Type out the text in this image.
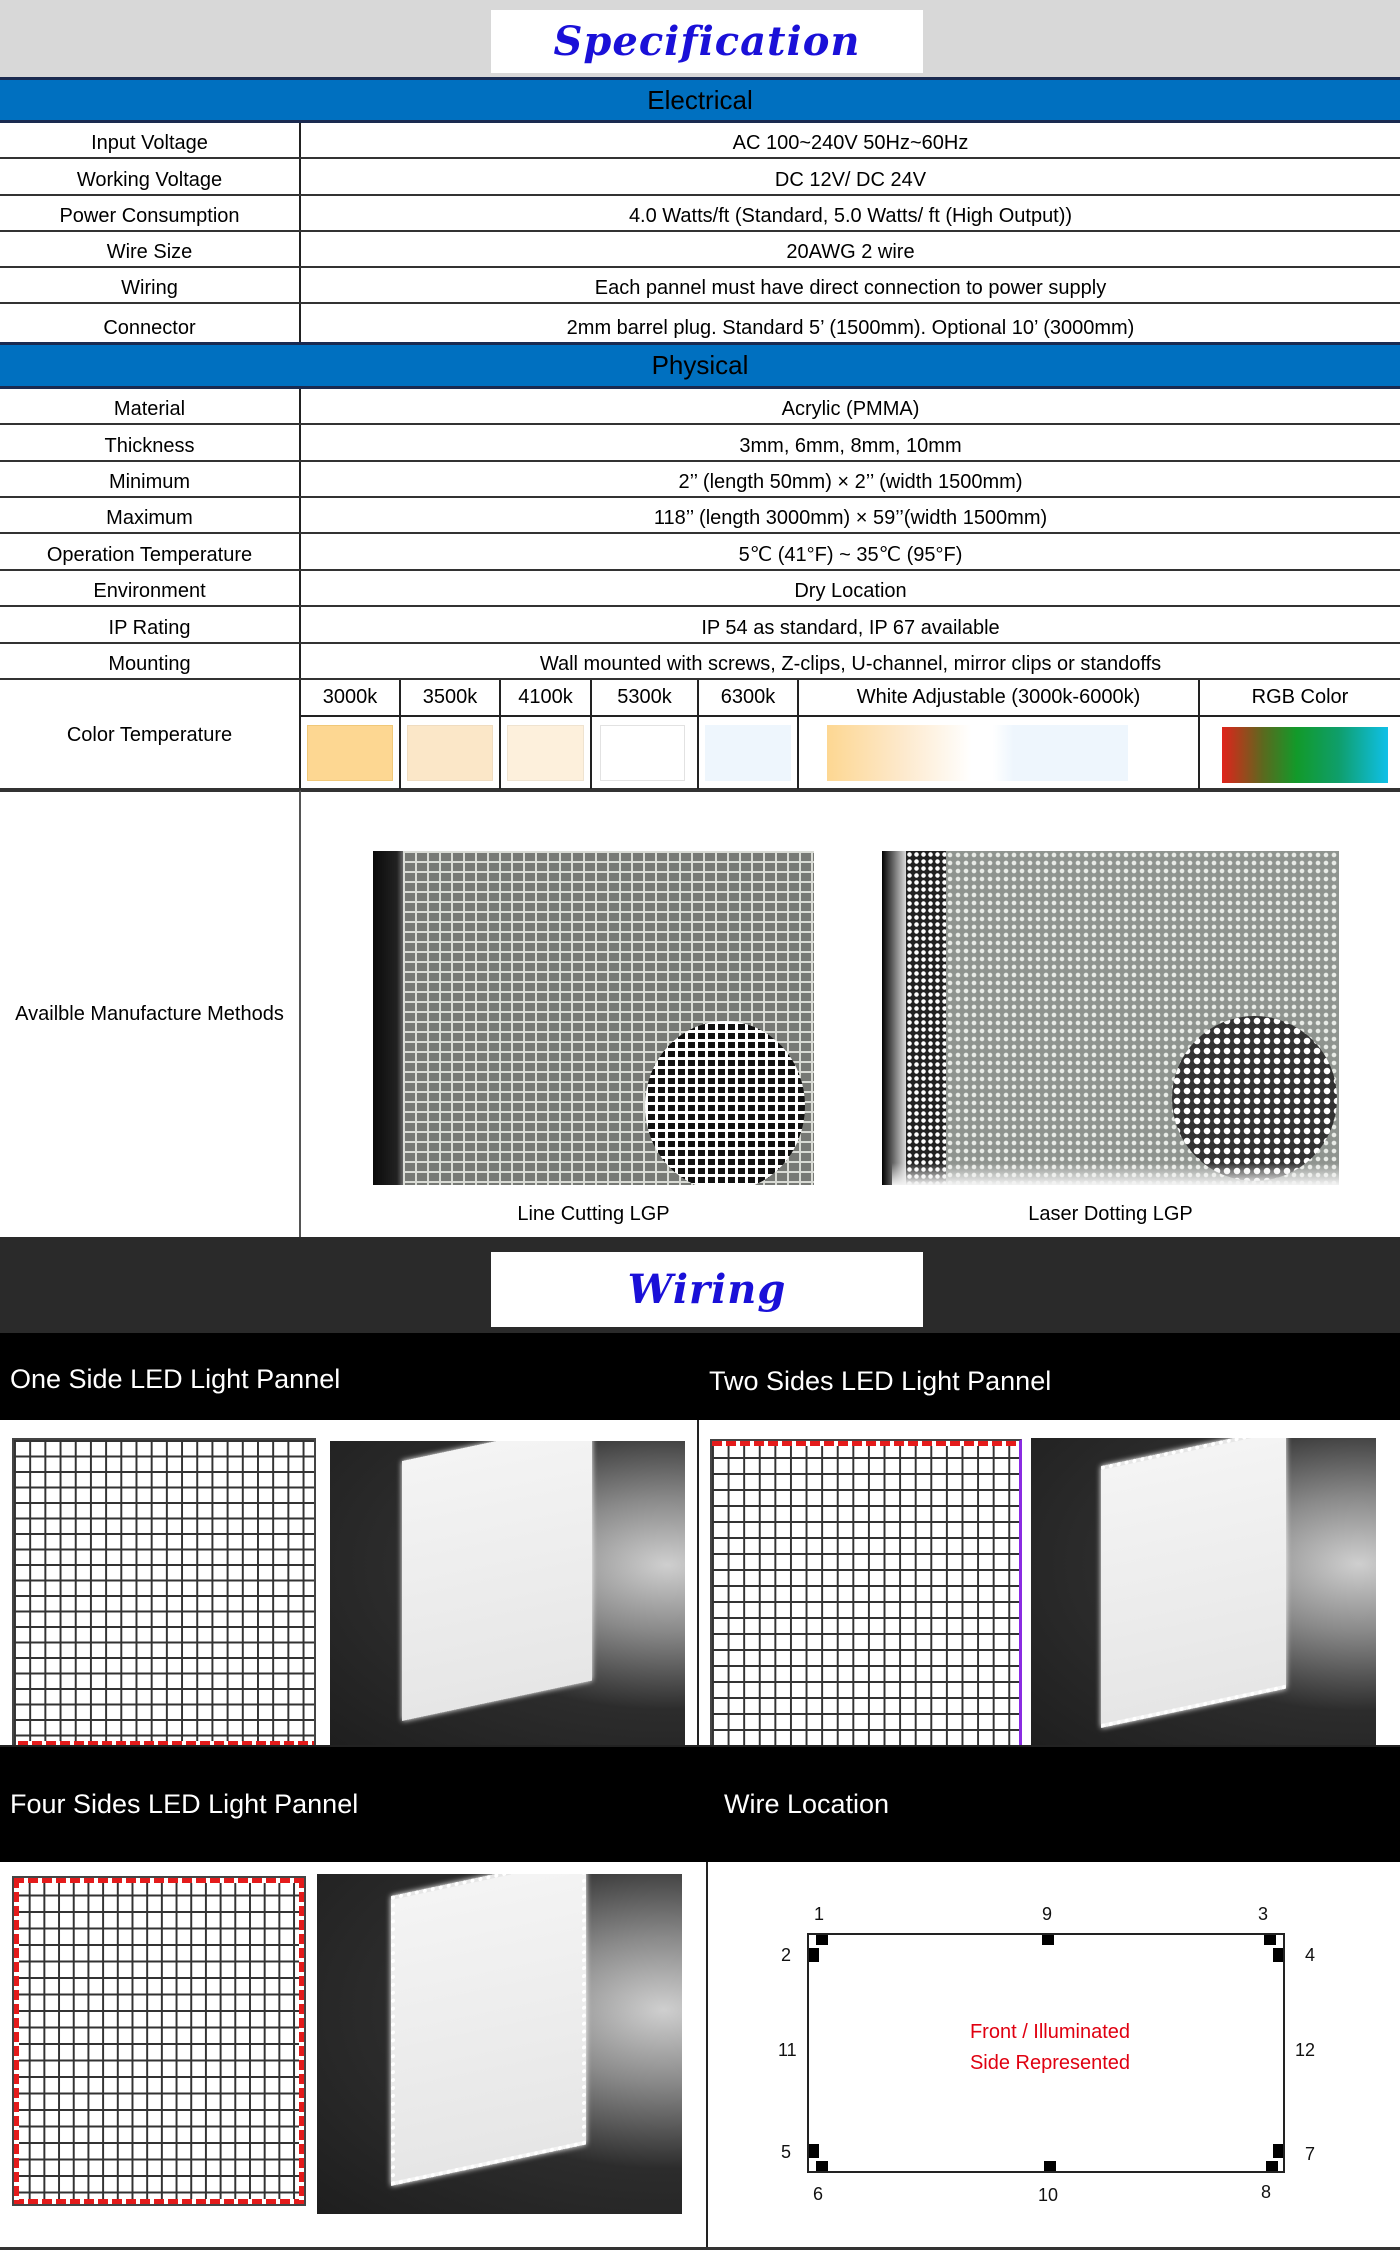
Specification
Electrical
Physical
Input Voltage	AC 100~240V 50Hz~60Hz
Working Voltage	DC 12V/ DC 24V
Power Consumption	4.0 Watts/ft (Standard, 5.0 Watts/ ft (High Output))
Wire Size	20AWG 2 wire
Wiring	Each pannel must have direct connection to power supply
Connector	2mm barrel plug. Standard 5’ (1500mm). Optional 10’ (3000mm)
Material	Acrylic (PMMA)
Thickness	3mm, 6mm, 8mm, 10mm
Minimum	2’’ (length 50mm) × 2’’ (width 1500mm)
Maximum	118’’ (length 3000mm) × 59’’(width 1500mm)
Operation Temperature	5℃ (41°F) ~ 35℃ (95°F)
Environment	Dry Location
IP Rating	IP 54 as standard, IP 67 available
Mounting	Wall mounted with screws, Z-clips, U-channel, mirror clips or standoffs
Color Temperature
3000k 3500k 4100k 5300k 6300k	White Adjustable (3000k-6000k)	RGB Color
Availble Manufacture Methods
Line Cutting LGP	Laser Dotting LGP
Wiring
One Side LED Light Pannel	Two Sides LED Light Pannel
Four Sides LED Light Pannel	Wire Location
1
2
3
4
5
6
7
8
9
10
11	12
Front / Illuminated
Side Represented
